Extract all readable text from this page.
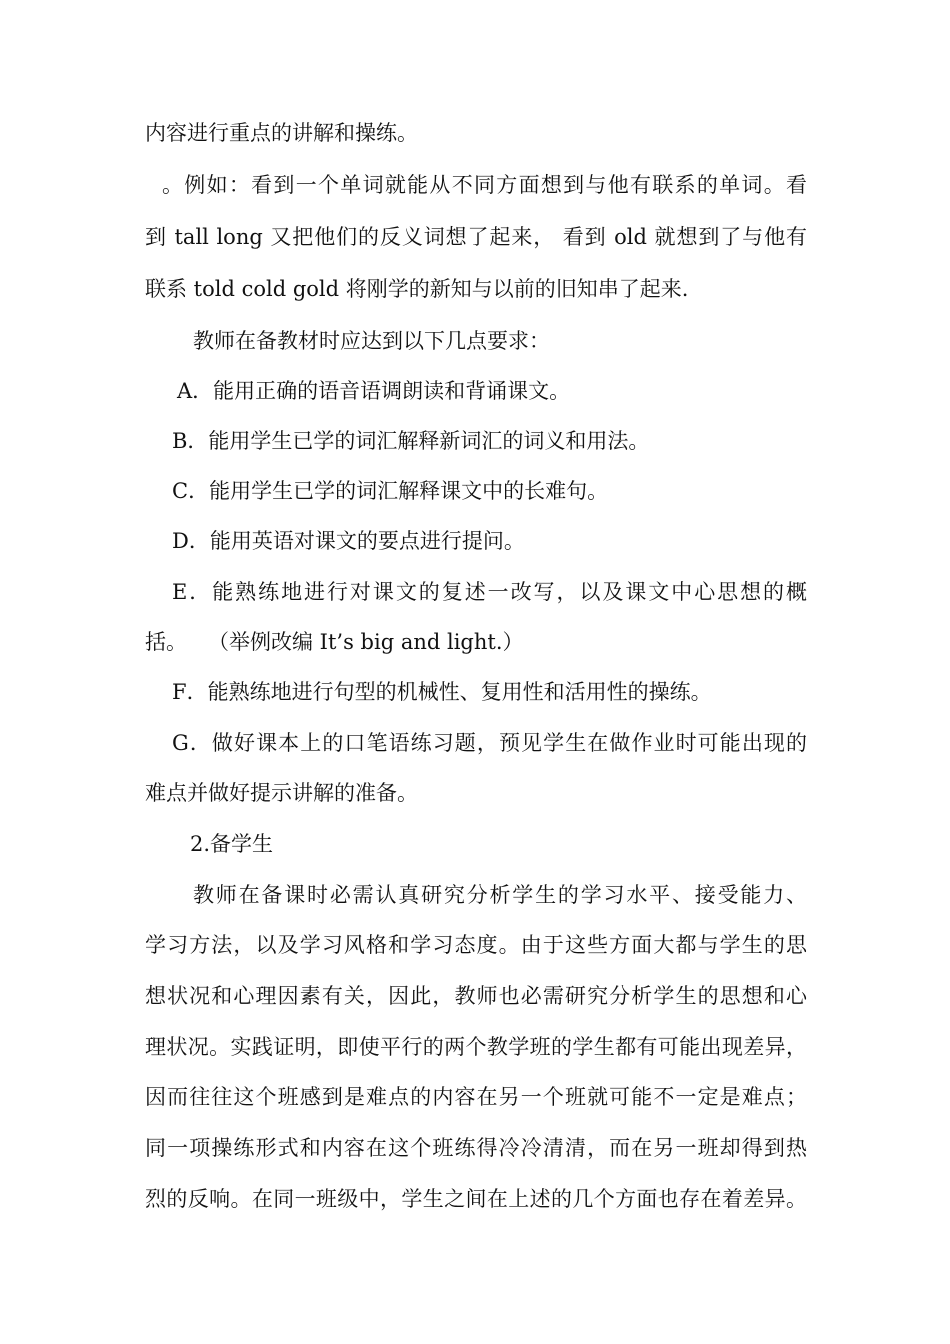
内容进行重点的讲解和操练。
。例如：看到一个单词就能从不同方面想到与他有联系的单词。看
到 tall long 又把他们的反义词想了起来， 看到 old 就想到了与他有
联系 told cold gold 将刚学的新知与以前的旧知串了起来.
教师在备教材时应达到以下几点要求：
A．能用正确的语音语调朗读和背诵课文。
B．能用学生已学的词汇解释新词汇的词义和用法。
C．能用学生已学的词汇解释课文中的长难句。
D．能用英语对课文的要点进行提问。
E．能熟练地进行对课文的复述一改写，以及课文中心思想的概
括。　　（举例改编 It’s big and light.）
F．能熟练地进行句型的机械性、复用性和活用性的操练。
G．做好课本上的口笔语练习题，预见学生在做作业时可能出现的
难点并做好提示讲解的准备。
2.备学生
教师在备课时必需认真研究分析学生的学习水平、接受能力、
学习方法，以及学习风格和学习态度。由于这些方面大都与学生的思
想状况和心理因素有关，因此，教师也必需研究分析学生的思想和心
理状况。实践证明，即使平行的两个教学班的学生都有可能出现差异，
因而往往这个班感到是难点的内容在另一个班就可能不一定是难点；
同一项操练形式和内容在这个班练得冷冷清清，而在另一班却得到热
烈的反响。在同一班级中，学生之间在上述的几个方面也存在着差异。
